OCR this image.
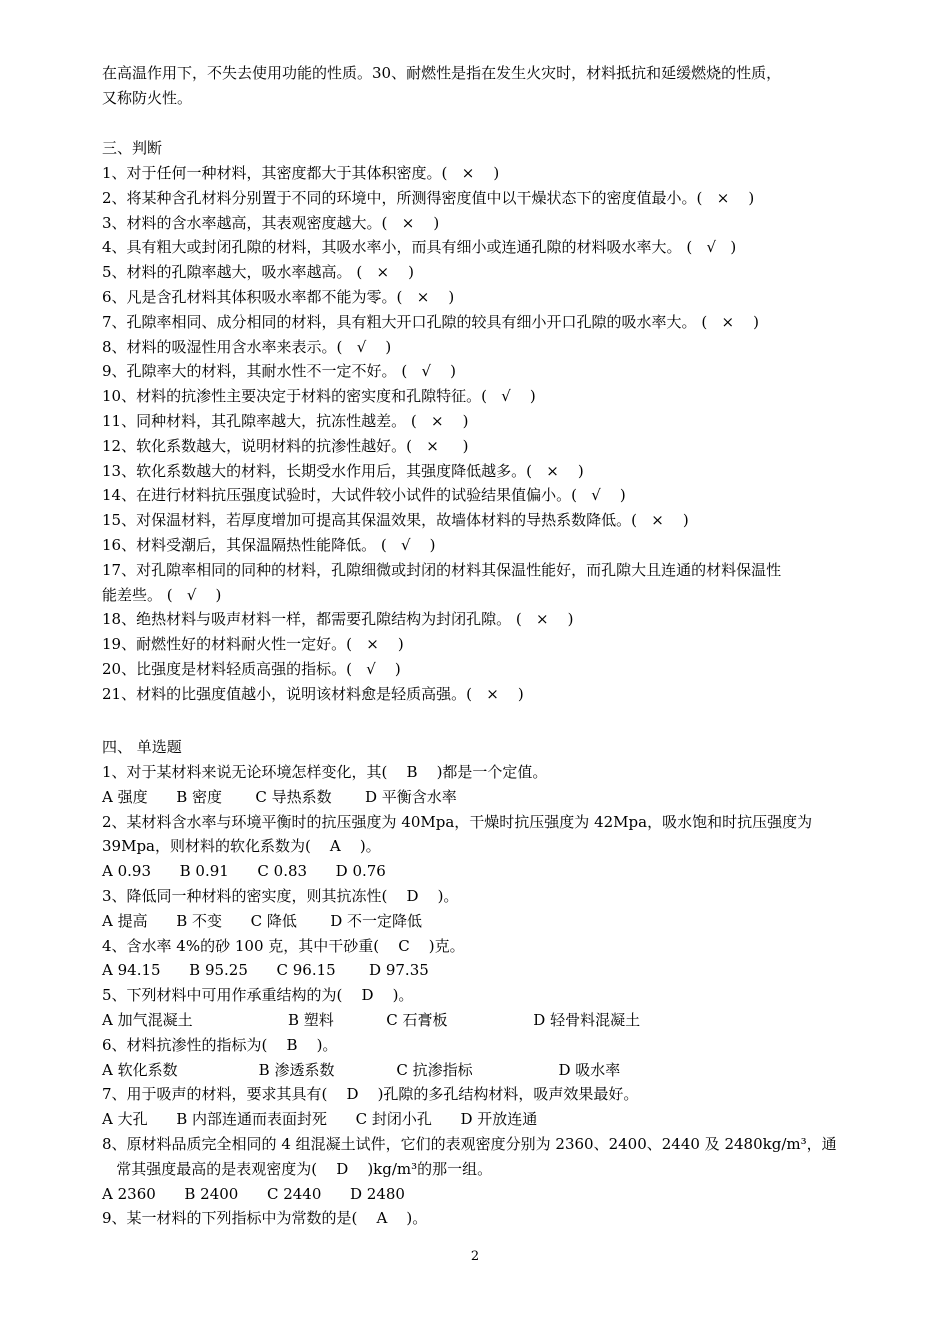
在高温作用下，不失去使用功能的性质。30、耐燃性是指在发生火灾时，材料抵抗和延缓燃烧的性质，
又称防火性。
三、判断
1、对于任何一种材料，其密度都大于其体积密度。(   ×    )
2、将某种含孔材料分别置于不同的环境中，所测得密度值中以干燥状态下的密度值最小。(   ×    )
3、材料的含水率越高，其表观密度越大。(   ×    )
4、具有粗大或封闭孔隙的材料，其吸水率小，而具有细小或连通孔隙的材料吸水率大。 (   √   )
5、材料的孔隙率越大，吸水率越高。 (   ×    )
6、凡是含孔材料其体积吸水率都不能为零。(   ×    )
7、孔隙率相同、成分相同的材料，具有粗大开口孔隙的较具有细小开口孔隙的吸水率大。 (   ×    )
8、材料的吸湿性用含水率来表示。(   √    )
9、孔隙率大的材料，其耐水性不一定不好。 (   √    )
10、材料的抗渗性主要决定于材料的密实度和孔隙特征。(   √    )
11、同种材料，其孔隙率越大，抗冻性越差。 (   ×    )
12、软化系数越大，说明材料的抗渗性越好。(   ×     )
13、软化系数越大的材料，长期受水作用后，其强度降低越多。(   ×    )
14、在进行材料抗压强度试验时，大试件较小试件的试验结果值偏小。(   √    )
15、对保温材料，若厚度增加可提高其保温效果，故墙体材料的导热系数降低。(   ×    )
16、材料受潮后，其保温隔热性能降低。 (   √    )
17、对孔隙率相同的同种的材料，孔隙细微或封闭的材料其保温性能好，而孔隙大且连通的材料保温性
能差些。 (   √    )
18、绝热材料与吸声材料一样，都需要孔隙结构为封闭孔隙。 (   ×    )
19、耐燃性好的材料耐火性一定好。(   ×    )
20、比强度是材料轻质高强的指标。(   √    )
21、材料的比强度值越小，说明该材料愈是轻质高强。(   ×    )
四、 单选题
1、对于某材料来说无论环境怎样变化，其(    B    )都是一个定值。
A 强度      B 密度       C 导热系数       D 平衡含水率
2、某材料含水率与环境平衡时的抗压强度为 40Mpa，干燥时抗压强度为 42Mpa，吸水饱和时抗压强度为
39Mpa，则材料的软化系数为(    A    )。
A 0.93      B 0.91      C 0.83      D 0.76
3、降低同一种材料的密实度，则其抗冻性(    D    )。
A 提高      B 不变      C 降低       D 不一定降低
4、含水率 4%的砂 100 克，其中干砂重(    C    )克。
A 94.15      B 95.25      C 96.15       D 97.35
5、下列材料中可用作承重结构的为(    D    )。
A 加气混凝土                    B 塑料           C 石膏板                  D 轻骨料混凝土
6、材料抗渗性的指标为(    B    )。
A 软化系数                 B 渗透系数             C 抗渗指标                  D 吸水率
7、用于吸声的材料，要求其具有(    D    )孔隙的多孔结构材料，吸声效果最好。
A 大孔      B 内部连通而表面封死      C 封闭小孔      D 开放连通
8、原材料品质完全相同的 4 组混凝土试件，它们的表观密度分别为 2360、2400、2440 及 2480kg/m³，通
常其强度最高的是表观密度为(    D    )kg/m³的那一组。
A 2360      B 2400      C 2440      D 2480
9、某一材料的下列指标中为常数的是(    A    )。
2
